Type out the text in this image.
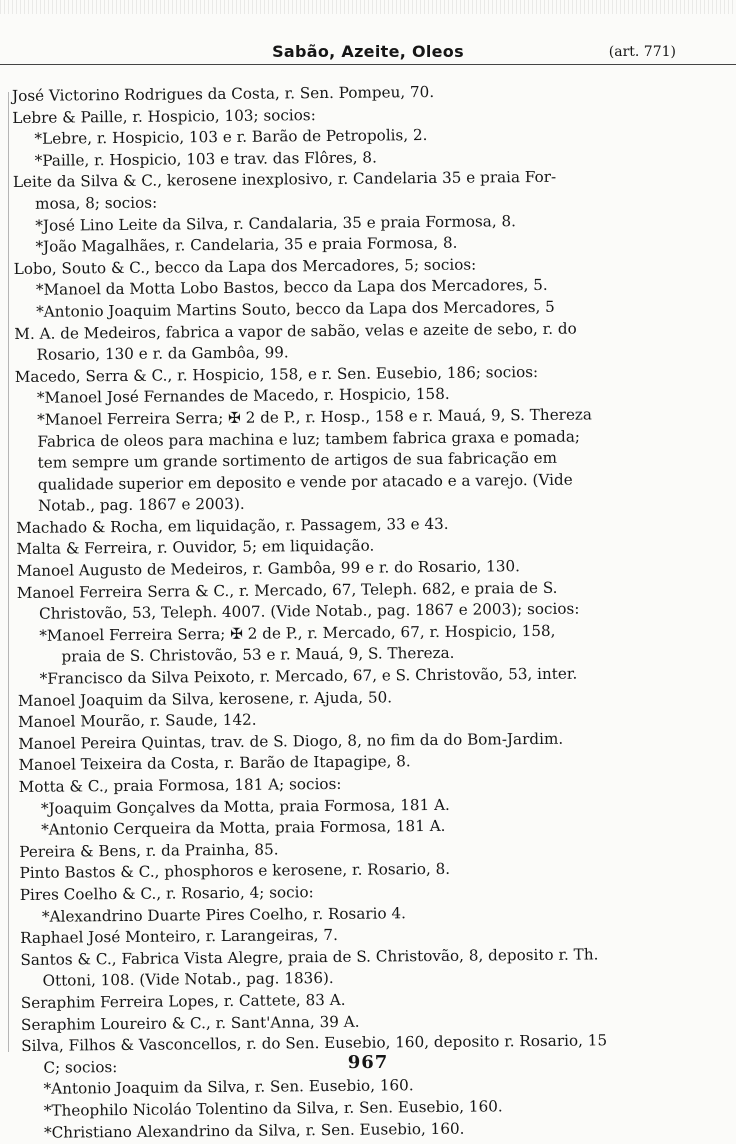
Sabão, Azeite, Oleos	(art. 771)
José Victorino Rodrigues da Costa, r. Sen. Pompeu, 70.
Lebre & Paille, r. Hospicio, 103; socios:
*Lebre, r. Hospicio, 103 e r. Barão de Petropolis, 2.
*Paille, r. Hospicio, 103 e trav. das Flôres, 8.
Leite da Silva & C., kerosene inexplosivo, r. Candelaria 35 e praia For-
mosa, 8; socios:
*José Lino Leite da Silva, r. Candalaria, 35 e praia Formosa, 8.
*João Magalhães, r. Candelaria, 35 e praia Formosa, 8.
Lobo, Souto & C., becco da Lapa dos Mercadores, 5; socios:
*Manoel da Motta Lobo Bastos, becco da Lapa dos Mercadores, 5.
*Antonio Joaquim Martins Souto, becco da Lapa dos Mercadores, 5
M. A. de Medeiros, fabrica a vapor de sabão, velas e azeite de sebo, r. do
Rosario, 130 e r. da Gambôa, 99.
Macedo, Serra & C., r. Hospicio, 158, e r. Sen. Eusebio, 186; socios:
*Manoel José Fernandes de Macedo, r. Hospicio, 158.
*Manoel Ferreira Serra; ✠ 2 de P., r. Hosp., 158 e r. Mauá, 9, S. Thereza
Fabrica de oleos para machina e luz; tambem fabrica graxa e pomada;
tem sempre um grande sortimento de artigos de sua fabricação em
qualidade superior em deposito e vende por atacado e a varejo. (Vide
Notab., pag. 1867 e 2003).
Machado & Rocha, em liquidação, r. Passagem, 33 e 43.
Malta & Ferreira, r. Ouvidor, 5; em liquidação.
Manoel Augusto de Medeiros, r. Gambôa, 99 e r. do Rosario, 130.
Manoel Ferreira Serra & C., r. Mercado, 67, Teleph. 682, e praia de S.
Christovão, 53, Teleph. 4007. (Vide Notab., pag. 1867 e 2003); socios:
*Manoel Ferreira Serra; ✠ 2 de P., r. Mercado, 67, r. Hospicio, 158,
praia de S. Christovão, 53 e r. Mauá, 9, S. Thereza.
*Francisco da Silva Peixoto, r. Mercado, 67, e S. Christovão, 53, inter.
Manoel Joaquim da Silva, kerosene, r. Ajuda, 50.
Manoel Mourão, r. Saude, 142.
Manoel Pereira Quintas, trav. de S. Diogo, 8, no fim da do Bom-Jardim.
Manoel Teixeira da Costa, r. Barão de Itapagipe, 8.
Motta & C., praia Formosa, 181 A; socios:
*Joaquim Gonçalves da Motta, praia Formosa, 181 A.
*Antonio Cerqueira da Motta, praia Formosa, 181 A.
Pereira & Bens, r. da Prainha, 85.
Pinto Bastos & C., phosphoros e kerosene, r. Rosario, 8.
Pires Coelho & C., r. Rosario, 4; socio:
*Alexandrino Duarte Pires Coelho, r. Rosario 4.
Raphael José Monteiro, r. Larangeiras, 7.
Santos & C., Fabrica Vista Alegre, praia de S. Christovão, 8, deposito r. Th.
Ottoni, 108. (Vide Notab., pag. 1836).
Seraphim Ferreira Lopes, r. Cattete, 83 A.
Seraphim Loureiro & C., r. Sant'Anna, 39 A.
Silva, Filhos & Vasconcellos, r. do Sen. Eusebio, 160, deposito r. Rosario, 15
C; socios:
*Antonio Joaquim da Silva, r. Sen. Eusebio, 160.
*Theophilo Nicoláo Tolentino da Silva, r. Sen. Eusebio, 160.
*Christiano Alexandrino da Silva, r. Sen. Eusebio, 160.
967
